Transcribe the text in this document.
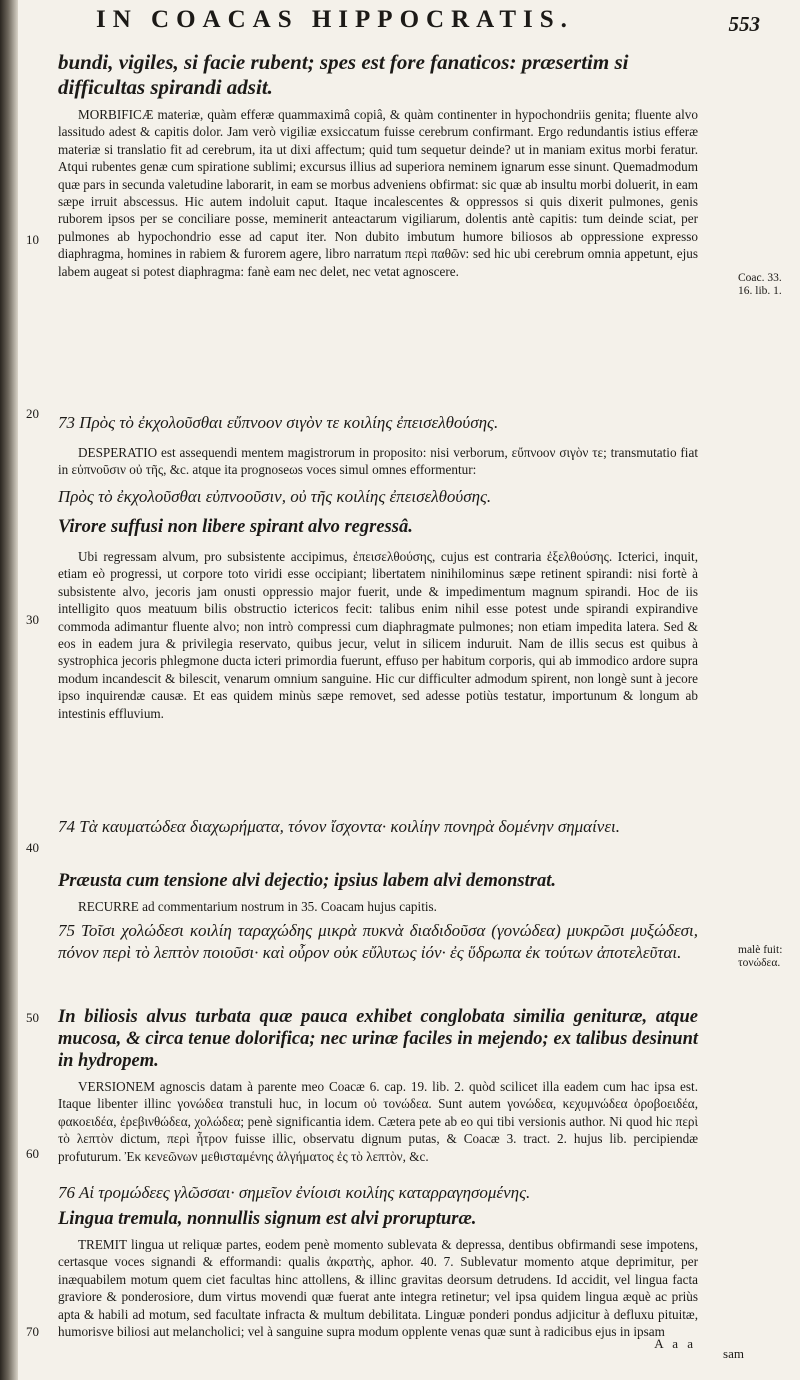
IN COACAS HIPPOCRATIS.	553

bundi, vigiles, si facie rubent; spes est fore fanaticos: præsertim si difficultas spirandi adsit.

MORBIFICÆ materiæ, quàm efferæ quammaximâ copiâ, & quàm continenter in hypochondriis genita; fluente alvo lassitudo adest & capitis dolor. Jam verò vigiliæ exsiccatum fuisse cerebrum confirmant. Ergo redundantis istius efferæ materiæ si translatio fit ad cerebrum, ita ut dixi affectum; quid tum sequetur deinde? ut in maniam exitus morbi feratur. Atqui rubentes genæ cum spiratione sublimi; excursus illius ad superiora neminem ignarum esse sinunt. Quemadmodum quæ pars in secunda valetudine laborarit, in eam se morbus adveniens obfirmat: sic quæ ab insultu morbi doluerit, in eam sæpe irruit abscessus. Hic autem indoluit caput. Itaque incalescentes & oppressos si quis dixerit pulmones, genis ruborem ipsos per se conciliare posse, meminerit anteactarum vigiliarum, dolentis antè capitis: tum deinde sciat, per pulmones ab hypochondrio esse ad caput iter. Non dubito imbutum humore biliosos ab oppressione expresso diaphragma, homines in rabiem & furorem agere, libro narratum περὶ παθῶν: sed hic ubi cerebrum omnia appetunt, ejus labem augeat si potest diaphragma: fanè eam nec delet, nec vetat agnoscere.

73 Πρὸς τὸ ἐκχολοῦσθαι εὔπνοον σιγὸν τε κοιλίης ἐπεισελθούσης.

DESPERATIO est assequendi mentem magistrorum in proposito: nisi verborum, εὔπνοον σιγὸν τε; transmutatio fiat in εὐπνοῦσιν οὐ τῆς, &c. atque ita prognoseωs voces simul omnes efformentur:

Πρὸς τὸ ἐκχολοῦσθαι εὐπνοοῦσιν, οὐ τῆς κοιλίης ἐπεισελθούσης.

Virore suffusi non libere spirant alvo regressâ.

Ubi regressam alvum, pro subsistente accipimus, ἐπεισελθούσης, cujus est contraria ἐξελθούσης. Icterici, inquit, etiam eò progressi, ut corpore toto viridi esse occipiant; libertatem ninihilominus sæpe retinent spirandi: nisi fortè à subsistente alvo, jecoris jam onusti oppressio major fuerit, unde & impedimentum magnum spirandi. Hoc de iis intelligito quos meatuum bilis obstructio ictericos fecit: talibus enim nihil esse potest unde spirandi expirandive commoda adimantur fluente alvo; non intrò compressi cum diaphragmate pulmones; non etiam impedita latera. Sed & eos in eadem jura & privilegia reservato, quibus jecur, velut in silicem induruit. Nam de illis secus est quibus à systrophica jecoris phlegmone ducta icteri primordia fuerunt, effuso per habitum corporis, qui ab immodico ardore supra modum incandescit & bilescit, venarum omnium sanguine. Hic cur difficulter admodum spirent, non longè sunt à jecore ipso inquirendæ causæ. Et eas quidem minùs sæpe removet, sed adesse potiùs testatur, importunum & longum ab intestinis effluvium.

74 Τὰ καυματώδεα διαχωρήματα, τόνον ἴσχοντα· κοιλίην πονηρὰ δομένην σημαίνει.

Præusta cum tensione alvi dejectio; ipsius labem alvi demonstrat.

RECURRE ad commentarium nostrum in 35. Coacam hujus capitis.

75 Τοῖσι χολώδεσι κοιλίη ταραχώδης μικρὰ πυκνὰ διαδιδοῦσα (γονώδεα) μυκρῶσι μυξώδεσι, πόνον περὶ τὸ λεπτὸν ποιοῦσι· καὶ οὖρον οὐκ εὔλυτως ἰόν· ἐς ὕδρωπα ἐκ τούτων ἀποτελεῦται.

In biliosis alvus turbata quæ pauca exhibet conglobata similia genituræ, atque mucosa, & circa tenue dolorifica; nec urinæ faciles in mejendo; ex talibus desinunt in hydropem.

VERSIONEM agnoscis datam à parente meo Coacæ 6. cap. 19. lib. 2. quòd scilicet illa eadem cum hac ipsa est. Itaque libenter illinc γονώδεα transtuli huc, in locum οὐ τονώδεα. Sunt autem γονώδεα, κεχυμνώδεα ὀροβοειδέα, φακοειδέα, ἐρεβινθώδεα, χολώδεα; penè significantia idem. Cætera pete ab eo qui tibi versionis author. Ni quod hic περὶ τὸ λεπτὸν dictum, περὶ ἦτρον fuisse illic, observatu dignum putas, & Coacæ 3. tract. 2. hujus lib. percipiendæ profuturum. Ἐκ κενεῶνων μεθισταμένης ἀλγήματος ἐς τὸ λεπτὸν, &c.

76 Αἱ τρομώδεες γλῶσσαι· σημεῖον ἐνίοισι κοιλίης καταρραγησομένης.

Lingua tremula, nonnullis signum est alvi prorupturæ.

TREMIT lingua ut reliquæ partes, eodem penè momento sublevata & depressa, dentibus obfirmandi sese impotens, certasque voces signandi & efformandi: qualis ἀκρατὴς, aphor. 40. 7. Sublevatur momento atque deprimitur, per inæquabilem motum quem ciet facultas hinc attollens, & illinc gravitas deorsum detrudens. Id accidit, vel lingua facta graviore & ponderosiore, dum virtus movendi quæ fuerat ante integra retinetur; vel ipsa quidem lingua æquè ac priùs apta & habili ad motum, sed facultate infracta & multum debilitata. Linguæ ponderi pondus adjicitur à defluxu pituitæ, humorisve biliosi aut melancholici; vel à sanguine supra modum opplente venas quæ sunt à radicibus ejus in ipsam

10
20
30
40
50
60
70
Coac. 33. 16. lib. 1.
malè fuit: τονώδεα.
A a a
sam
